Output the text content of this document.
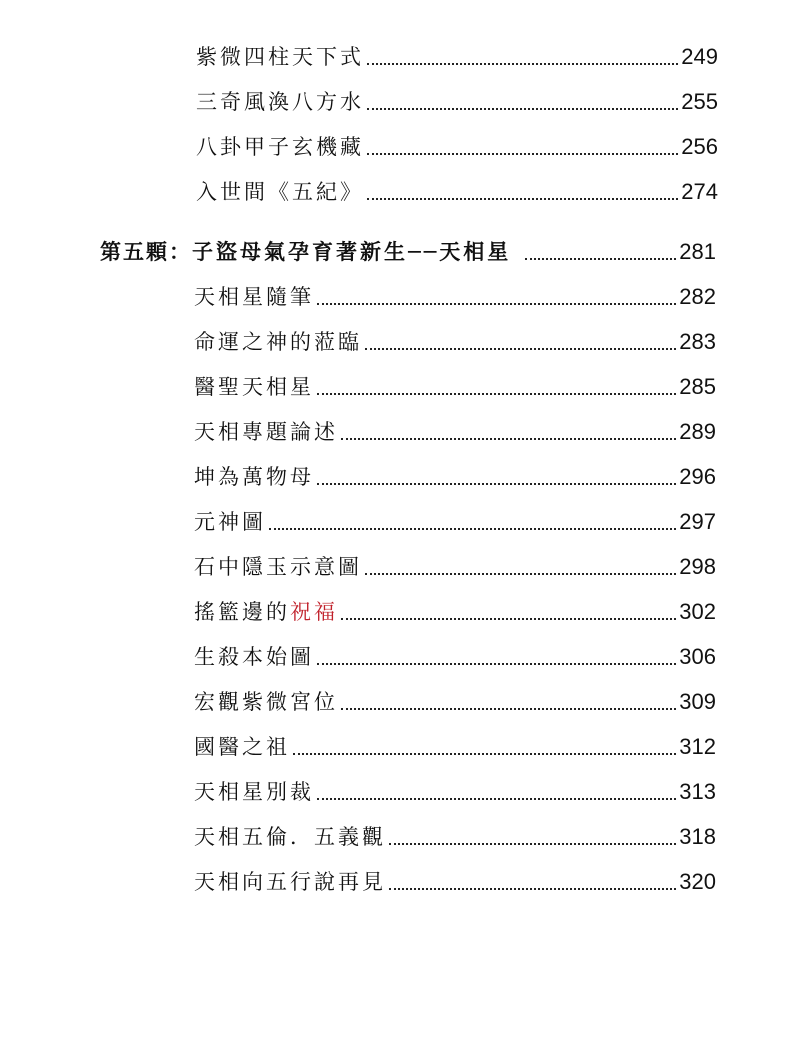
紫微四柱天下式	249
三奇風渙八方水	255
八卦甲子玄機藏	256
入世間《五紀》	274
第五顆： 子盜母氣孕育著新生──天相星	281
天相星隨筆	282
命運之神的蒞臨	283
醫聖天相星	285
天相專題論述	289
坤為萬物母	296
元神圖	297
石中隱玉示意圖	298
搖籃邊的祝福	302
生殺本始圖	306
宏觀紫微宮位	309
國醫之祖	312
天相星別裁	313
天相五倫．五義觀	318
天相向五行說再見	320
